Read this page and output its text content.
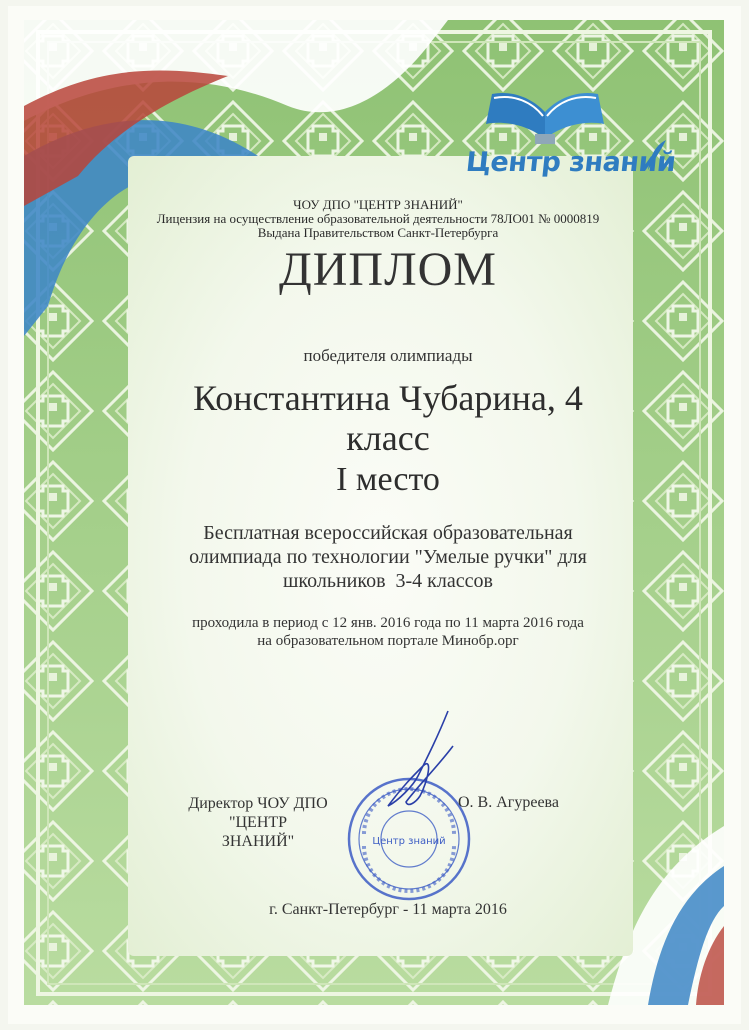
Центр знаний
ЧОУ ДПО "ЦЕНТР ЗНАНИЙ"
Лицензия на осуществление образовательной деятельности 78ЛО01 № 0000819
Выдана Правительством Санкт-Петербурга
ДИПЛОМ
победителя олимпиады
Константина Чубарина, 4
класс
I место
Бесплатная всероссийская образовательная
олимпиада по технологии "Умелые ручки" для
школьников  3-4 классов
проходила в период с 12 янв. 2016 года по 11 марта 2016 года
на образовательном портале Минобр.орг
Центр знаний
Директор ЧОУ ДПО "ЦЕНТР
ЗНАНИЙ"
О. В. Агуреева
г. Санкт-Петербург - 11 марта 2016
